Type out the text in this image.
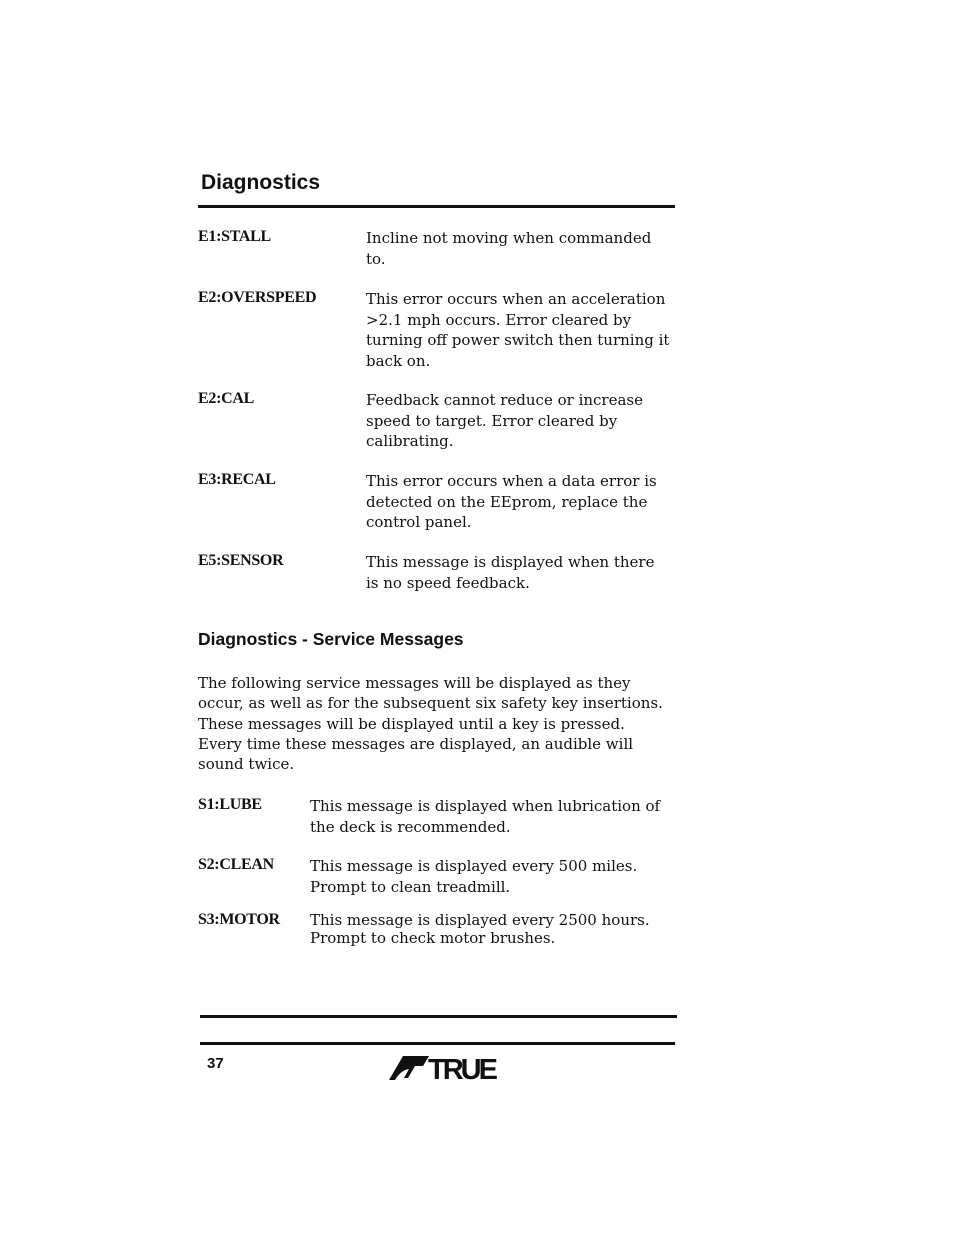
Diagnostics
E1:STALL	Incline not moving when commanded to.
E2:OVERSPEED	This error occurs when an acceleration >2.1 mph occurs. Error cleared by turning off power switch then turning it back on.
E2:CAL	Feedback cannot reduce or increase speed to target. Error cleared by calibrating.
E3:RECAL	This error occurs when a data error is detected on the EEprom, replace the control panel.
E5:SENSOR	This message is displayed when there is no speed feedback.
Diagnostics - Service Messages

The following service messages will be displayed as they occur, as well as for the subsequent six safety key insertions. These messages will be displayed until a key is pressed. Every time these messages are displayed, an audible will sound twice.

S1:LUBE	This message is displayed when lubrication of the deck is recommended.
S2:CLEAN This message is displayed every 500 miles. Prompt to clean treadmill.
S3:MOTOR This message is displayed every 2500 hours. Prompt to check motor brushes.
37	TRUE
